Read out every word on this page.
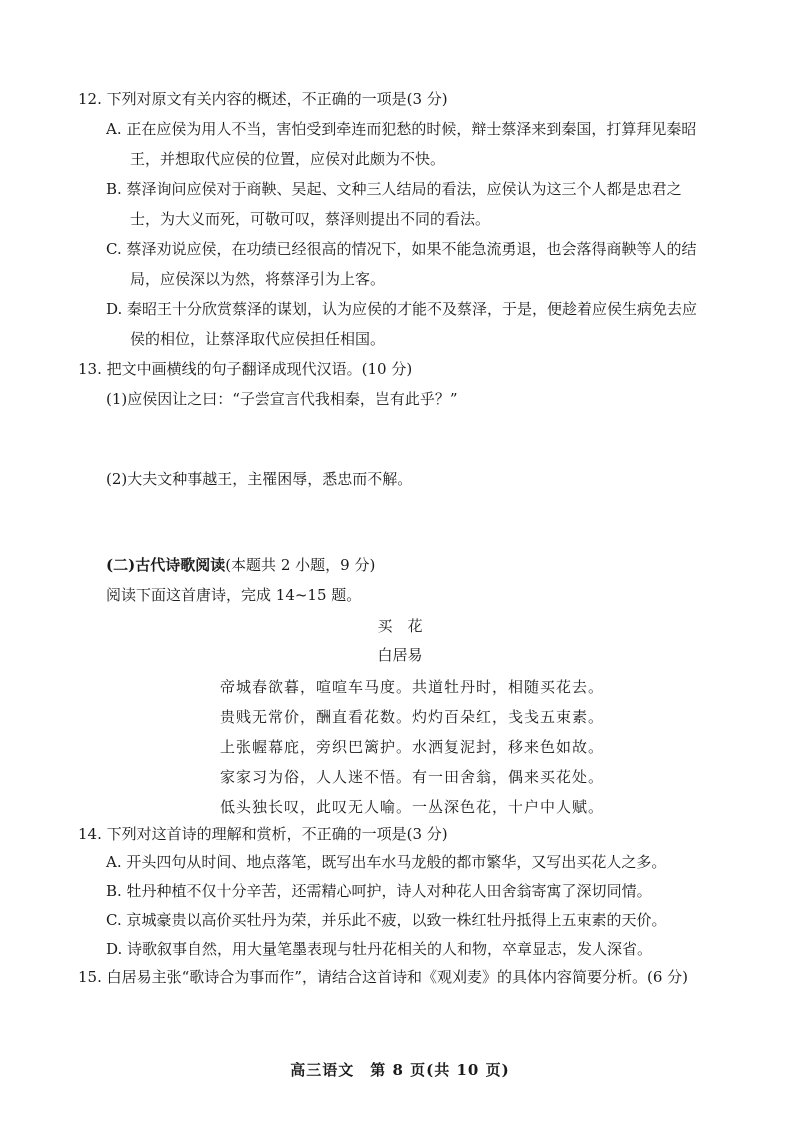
12. 下列对原文有关内容的概述，不正确的一项是(3 分)
A. 正在应侯为用人不当，害怕受到牵连而犯愁的时候，辩士蔡泽来到秦国，打算拜见秦昭
王，并想取代应侯的位置，应侯对此颇为不快。
B. 蔡泽询问应侯对于商鞅、吴起、文种三人结局的看法，应侯认为这三个人都是忠君之
士，为大义而死，可敬可叹，蔡泽则提出不同的看法。
C. 蔡泽劝说应侯，在功绩已经很高的情况下，如果不能急流勇退，也会落得商鞅等人的结
局，应侯深以为然，将蔡泽引为上客。
D. 秦昭王十分欣赏蔡泽的谋划，认为应侯的才能不及蔡泽，于是，便趁着应侯生病免去应
侯的相位，让蔡泽取代应侯担任相国。
13. 把文中画横线的句子翻译成现代汉语。(10 分)
(1)应侯因让之曰：“子尝宣言代我相秦，岂有此乎？”
(2)大夫文种事越王，主罹困辱，悉忠而不解。
(二)古代诗歌阅读(本题共 2 小题，9 分)
阅读下面这首唐诗，完成 14~15 题。
买　花
白居易
帝城春欲暮，喧喧车马度。共道牡丹时，相随买花去。
贵贱无常价，酬直看花数。灼灼百朵红，戋戋五束素。
上张幄幕庇，旁织巴篱护。水洒复泥封，移来色如故。
家家习为俗，人人迷不悟。有一田舍翁，偶来买花处。
低头独长叹，此叹无人喻。一丛深色花，十户中人赋。
14. 下列对这首诗的理解和赏析，不正确的一项是(3 分)
A. 开头四句从时间、地点落笔，既写出车水马龙般的都市繁华，又写出买花人之多。
B. 牡丹种植不仅十分辛苦，还需精心呵护，诗人对种花人田舍翁寄寓了深切同情。
C. 京城豪贵以高价买牡丹为荣，并乐此不疲，以致一株红牡丹抵得上五束素的天价。
D. 诗歌叙事自然，用大量笔墨表现与牡丹花相关的人和物，卒章显志，发人深省。
15. 白居易主张“歌诗合为事而作”，请结合这首诗和《观刈麦》的具体内容简要分析。(6 分)
高三语文　第 8 页(共 10 页)
